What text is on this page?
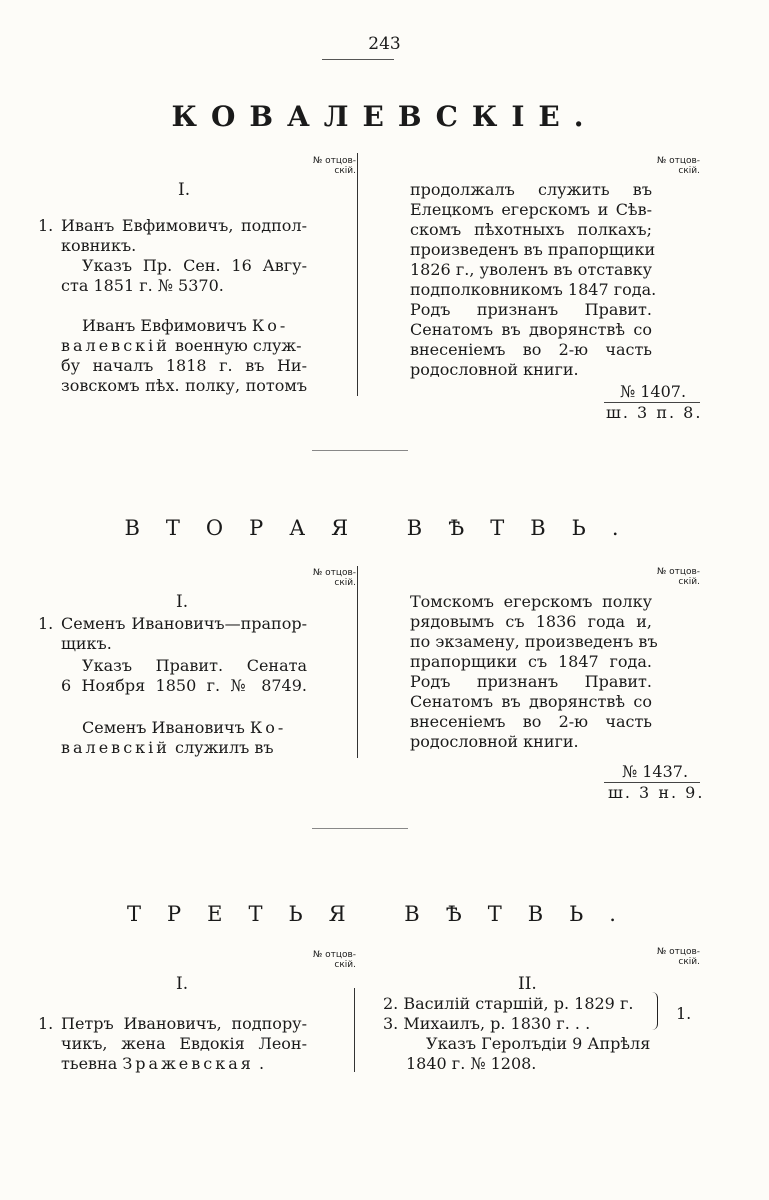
243
КОВАЛЕВСКІЕ.
№ отцов-
скій.
I.
1. Иванъ Евфимовичъ, подпол-
ковникъ.
Указъ Пр. Сен. 16 Авгу-
ста 1851 г. № 5370.
Иванъ Евфимовичъ Ко-
валевскій военную служ-
бу началъ 1818 г. въ Ни-
зовскомъ пѣх. полку, потомъ
№ отцов-
скій.
продолжалъ служить въ
Елецкомъ егерскомъ и Сѣв-
скомъ пѣхотныхъ полкахъ;
произведенъ въ прапорщики
1826 г., уволенъ въ отставку
подполковникомъ 1847 года.
Родъ признанъ Правит.
Сенатомъ въ дворянствѣ со
внесеніемъ во 2-ю часть
родословной книги.
№ 1407.
ш. 3 п. 8.
ВТОРАЯ ВѢТВЬ.
№ отцов-
скій.
I.
1. Семенъ Ивановичъ—прапор-
щикъ.
Указъ Правит. Сената
6 Ноября 1850 г. № 8749.
Семенъ Ивановичъ Ко-
валевскій служилъ въ
№ отцов-
скій.
Томскомъ егерскомъ полку
рядовымъ съ 1836 года и,
по экзамену, произведенъ въ
прапорщики съ 1847 года.
Родъ признанъ Правит.
Сенатомъ въ дворянствѣ со
внесеніемъ во 2-ю часть
родословной книги.
№ 1437.
ш. 3 н. 9.
ТРЕТЬЯ ВѢТВЬ.
№ отцов-
скій.
I.
1. Петръ Ивановичъ, подпору-
чикъ, жена Евдокія Леон-
тьевна Зражевская .
№ отцов-
скій.
II.
2. Василій старшій, р. 1829 г.
3. Михаилъ, р. 1830 г. . .
1.
Указъ Геролъдіи 9 Апрѣля
1840 г. № 1208.
